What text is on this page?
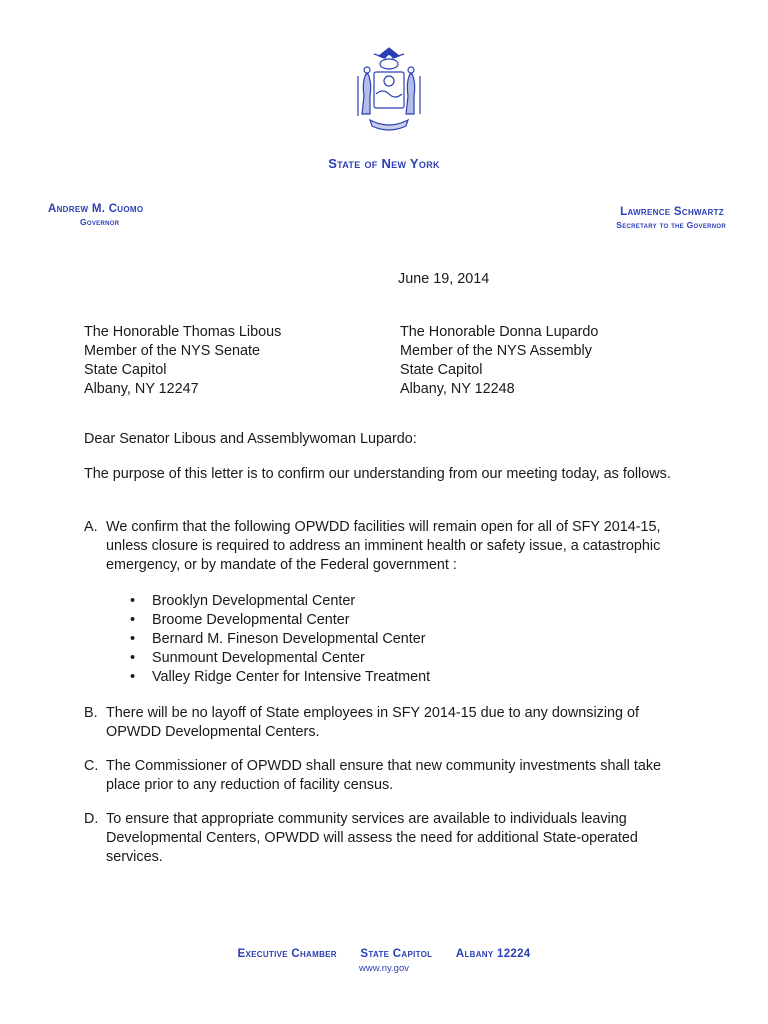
State of New York
Andrew M. Cuomo
Governor
Lawrence Schwartz
Secretary to the Governor
June 19, 2014
The Honorable Thomas Libous
Member of the NYS Senate
State Capitol
Albany, NY 12247
The Honorable Donna Lupardo
Member of the NYS Assembly
State Capitol
Albany, NY 12248
Dear Senator Libous and Assemblywoman Lupardo:
The purpose of this letter is to confirm our understanding from our meeting today, as follows.
A. We confirm that the following OPWDD facilities will remain open for all of SFY 2014-15, unless closure is required to address an imminent health or safety issue, a catastrophic emergency, or by mandate of the Federal government :
• Brooklyn Developmental Center
• Broome Developmental Center
• Bernard M. Fineson Developmental Center
• Sunmount Developmental Center
• Valley Ridge Center for Intensive Treatment
B. There will be no layoff of State employees in SFY 2014-15 due to any downsizing of OPWDD Developmental Centers.
C. The Commissioner of OPWDD shall ensure that new community investments shall take place prior to any reduction of facility census.
D. To ensure that appropriate community services are available to individuals leaving Developmental Centers, OPWDD will assess the need for additional State-operated services.
Executive Chamber State Capitol Albany 12224
www.ny.gov
